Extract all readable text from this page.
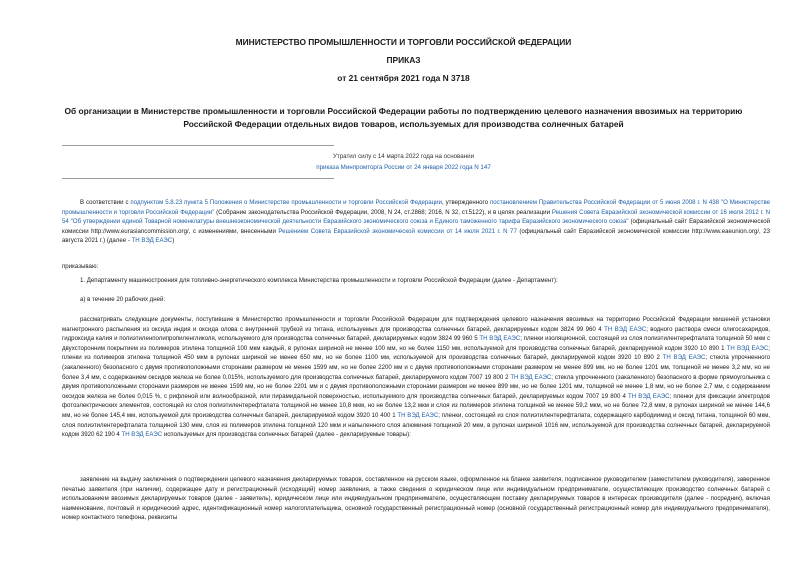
МИНИСТЕРСТВО ПРОМЫШЛЕННОСТИ И ТОРГОВЛИ РОССИЙСКОЙ ФЕДЕРАЦИИ
ПРИКАЗ
от 21 сентября 2021 года N 3718
Об организации в Министерстве промышленности и торговли Российской Федерации работы по подтверждению целевого назначения ввозимых на территорию Российской Федерации отдельных видов товаров, используемых для производства солнечных батарей
Утратил силу с 14 марта 2022 года на основании
приказа Минпромторга России от 24 января 2022 года N 147
В соответствии с подпунктом 5.8.23 пункта 5 Положения о Министерстве промышленности и торговли Российской Федерации, утвержденного постановлением Правительства Российской Федерации от 5 июня 2008 г. N 438 "О Министерстве промышленности и торговли Российской Федерации" (Собрание законодательства Российской Федерации, 2008, N 24, ст.2868; 2016, N 32, ст.5122), и в целях реализации Решения Совета Евразийской экономической комиссии от 16 июля 2012 г. N 54 "Об утверждении единой Товарной номенклатуры внешнеэкономической деятельности Евразийского экономического союза и Единого таможенного тарифа Евразийского экономического союза" (официальный сайт Евразийской экономической комиссии http://www.eurasiancommission.org/, с изменениями, внесенными Решением Совета Евразийской экономической комиссии от 14 июля 2021 г. N 77 (официальный сайт Евразийской экономической комиссии http://www.eaeunion.org/, 23 августа 2021 г.) (далее - ТН ВЭД ЕАЭС)
приказываю:
1. Департаменту машиностроения для топливно-энергетического комплекса Министерства промышленности и торговли Российской Федерации (далее - Департамент):
а) в течение 20 рабочих дней:
рассматривать следующие документы, поступившие в Министерство промышленности и торговли Российской Федерации для подтверждения целевого назначения ввозимых на территорию Российской Федерации мишеней установки магнетронного распыления из оксида индия и оксида олова с внутренней трубкой из титана, используемых для производства солнечных батарей, декларируемых кодом 3824 99 960 4 ТН ВЭД ЕАЭС; водного раствора смеси олигосахаридов, гидроксида калия и полиэтиленполипропиленгликоля, используемого для производства солнечных батарей, декларируемых кодом 3824 99 960 5 ТН ВЭД ЕАЭС; пленки изоляционной, состоящей из слоя полиэтилентерефталата толщиной 50 мкм с двухсторонним покрытием из полимеров этилена толщиной 100 мкм каждый, в рулонах шириной не менее 100 мм, но не более 1150 мм, используемой для производства солнечных батарей, декларируемой кодом 3920 10 890 1 ТН ВЭД ЕАЭС; пленки из полимеров этилена толщиной 450 мкм в рулонах шириной не менее 650 мм, но не более 1100 мм, используемой для производства солнечных батарей, декларируемой кодом 3920 10 890 2 ТН ВЭД ЕАЭС; стекла упрочненного (закаленного) безопасного с двумя противоположными сторонами размером не менее 1599 мм, но не более 2200 мм и с двумя противоположными сторонами размером не менее 899 мм, но не более 1201 мм, толщиной не менее 3,2 мм, но не более 3,4 мм, с содержанием оксидов железа не более 0,015%, используемого для производства солнечных батарей, декларируемого кодом 7007 19 800 2 ТН ВЭД ЕАЭС; стекла упрочненного (закаленного) безопасного в форме прямоугольника с двумя противоположными сторонами размером не менее 1599 мм, но не более 2201 мм и с двумя противоположными сторонами размером не менее 899 мм, но не более 1201 мм, толщиной не менее 1,8 мм, но не более 2,7 мм, с содержанием оксидов железа не более 0,015 %, с рифленой или волнообразной, или пирамидальной поверхностью, используемого для производства солнечных батарей, декларируемых кодом 7007 19 800 4 ТН ВЭД ЕАЭС; пленки для фиксации электродов фотоэлектрических элементов, состоящей из слоя полиэтилентерефталата толщиной не менее 10,8 мкм, но не более 13,2 мкм и слоя из полимеров этилена толщиной не менее 59,2 мкм, но не более 72,8 мкм, в рулонах шириной не менее 144,6 мм, но не более 145,4 мм, используемой для производства солнечных батарей, декларируемой кодом 3920 10 400 1 ТН ВЭД ЕАЭС; пленки, состоящей из слоя полиэтилентерефталата, содержащего карбодиимид и оксид титана, толщиной 60 мкм, слоя полиэтилентерефталата толщиной 130 мкм, слоя из полимеров этилена толщиной 120 мкм и напыленного слоя алюминия толщиной 20 мкм, в рулонах шириной 1016 мм, используемой для производства солнечных батарей, декларируемой кодом 3920 62 190 4 ТН ВЭД ЕАЭС используемых для производства солнечных батарей (далее - декларируемые товары):
заявление на выдачу заключения о подтверждении целевого назначения декларируемых товаров, составленное на русском языке, оформленное на бланке заявителя, подписанное руководителем (заместителем руководителя), заверенное печатью заявителя (при наличии), содержащее дату и регистрационный (исходящий) номер заявления, а также сведения о юридическом лице или индивидуальном предпринимателе, осуществляющих производство солнечных батарей с использованием ввозимых декларируемых товаров (далее - заявитель), юридическом лице или индивидуальном предпринимателе, осуществляющем поставку декларируемых товаров в интересах производителя (далее - посредник), включая наименование, почтовый и юридический адрес, идентификационный номер налогоплательщика, основной государственный регистрационный номер (основной государственный регистрационный номер для индивидуального предпринимателя), номер контактного телефона, реквизиты
